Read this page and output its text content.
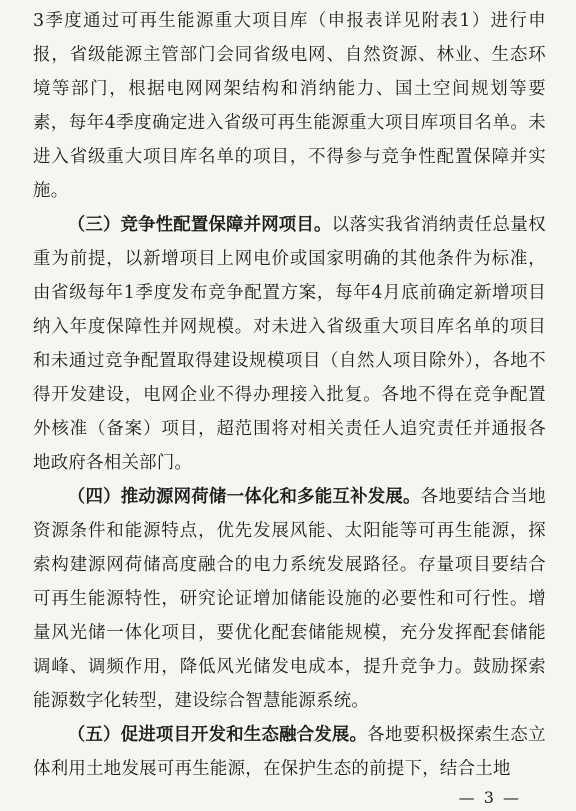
3季度通过可再生能源重大项目库（申报表详见附表1）进行申报，省级能源主管部门会同省级电网、自然资源、林业、生态环境等部门，根据电网网架结构和消纳能力、国土空间规划等要素，每年4季度确定进入省级可再生能源重大项目库项目名单。未进入省级重大项目库名单的项目，不得参与竞争性配置保障并实施。

（三）竞争性配置保障并网项目。以落实我省消纳责任总量权重为前提，以新增项目上网电价或国家明确的其他条件为标准，由省级每年1季度发布竞争配置方案，每年4月底前确定新增项目纳入年度保障性并网规模。对未进入省级重大项目库名单的项目和未通过竞争配置取得建设规模项目（自然人项目除外），各地不得开发建设，电网企业不得办理接入批复。各地不得在竞争配置外核准（备案）项目，超范围将对相关责任人追究责任并通报各地政府各相关部门。

（四）推动源网荷储一体化和多能互补发展。各地要结合当地资源条件和能源特点，优先发展风能、太阳能等可再生能源，探索构建源网荷储高度融合的电力系统发展路径。存量项目要结合可再生能源特性，研究论证增加储能设施的必要性和可行性。增量风光储一体化项目，要优化配套储能规模，充分发挥配套储能调峰、调频作用，降低风光储发电成本，提升竞争力。鼓励探索能源数字化转型，建设综合智慧能源系统。

（五）促进项目开发和生态融合发展。各地要积极探索生态立体利用土地发展可再生能源，在保护生态的前提下，结合土地

— 3 —
